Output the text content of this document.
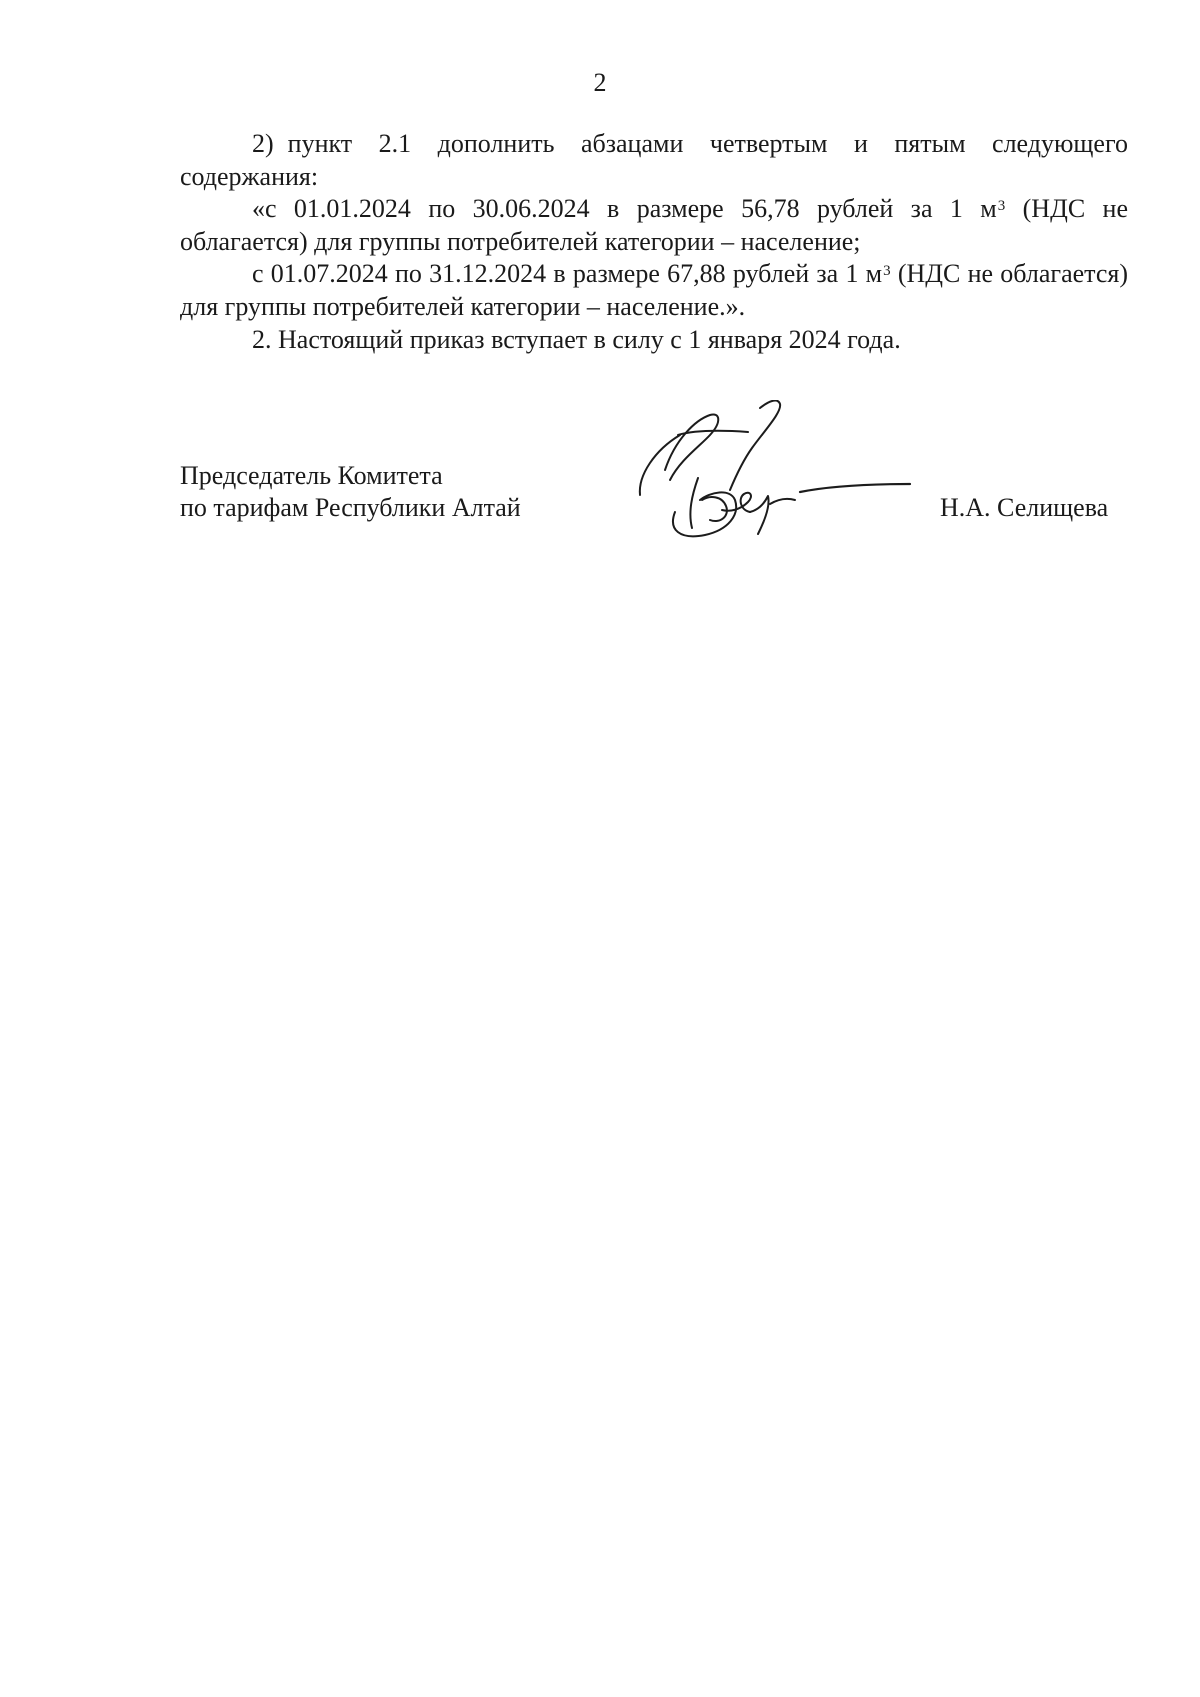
2

2) пункт 2.1 дополнить абзацами четвертым и пятым следующего содержания:

«с 01.01.2024 по 30.06.2024 в размере 56,78 рублей за 1 $м^3$ (НДС не облагается) для группы потребителей категории – население;

с 01.07.2024 по 31.12.2024 в размере 67,88 рублей за 1 $м^3$ (НДС не облагается) для группы потребителей категории – население.».

2. Настоящий приказ вступает в силу с 1 января 2024 года.

Председатель Комитета
по тарифам Республики Алтай	Н.А. Селищева
